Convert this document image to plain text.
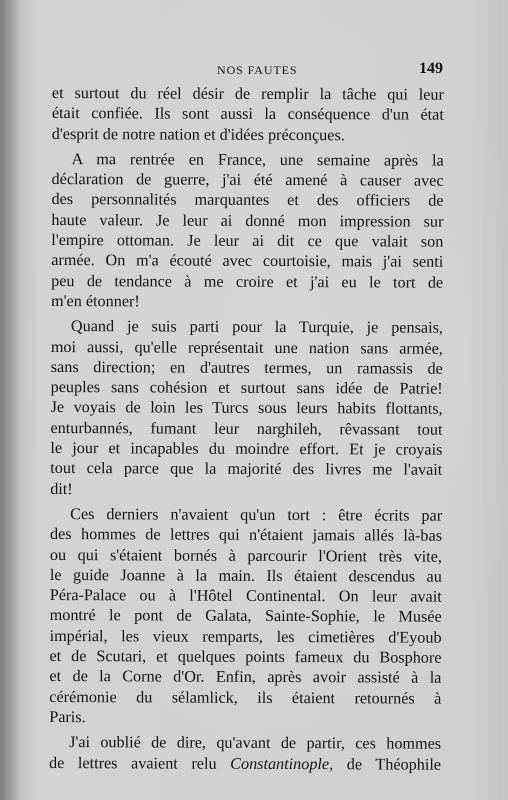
NOS FAUTES	149
et surtout du réel désir de remplir la tâche qui leur
était confiée. Ils sont aussi la conséquence d'un état
d'esprit de notre nation et d'idées préconçues.
A ma rentrée en France, une semaine après la
déclaration de guerre, j'ai été amené à causer avec
des personnalités marquantes et des officiers de
haute valeur. Je leur ai donné mon impression sur
l'empire ottoman. Je leur ai dit ce que valait son
armée. On m'a écouté avec courtoisie, mais j'ai senti
peu de tendance à me croire et j'ai eu le tort de
m'en étonner!
Quand je suis parti pour la Turquie, je pensais,
moi aussi, qu'elle représentait une nation sans armée,
sans direction; en d'autres termes, un ramassis de
peuples sans cohésion et surtout sans idée de Patrie!
Je voyais de loin les Turcs sous leurs habits flottants,
enturbannés, fumant leur narghileh, rêvassant tout
le jour et incapables du moindre effort. Et je croyais
tout cela parce que la majorité des livres me l'avait
dit!
Ces derniers n'avaient qu'un tort : être écrits par
des hommes de lettres qui n'étaient jamais allés là-bas
ou qui s'étaient bornés à parcourir l'Orient très vite,
le guide Joanne à la main. Ils étaient descendus au
Péra-Palace ou à l'Hôtel Continental. On leur avait
montré le pont de Galata, Sainte-Sophie, le Musée
impérial, les vieux remparts, les cimetières d'Eyoub
et de Scutari, et quelques points fameux du Bosphore
et de la Corne d'Or. Enfin, après avoir assisté à la
cérémonie du sélamlick, ils étaient retournés à
Paris.
J'ai oublié de dire, qu'avant de partir, ces hommes
de lettres avaient relu Constantinople, de Théophile
